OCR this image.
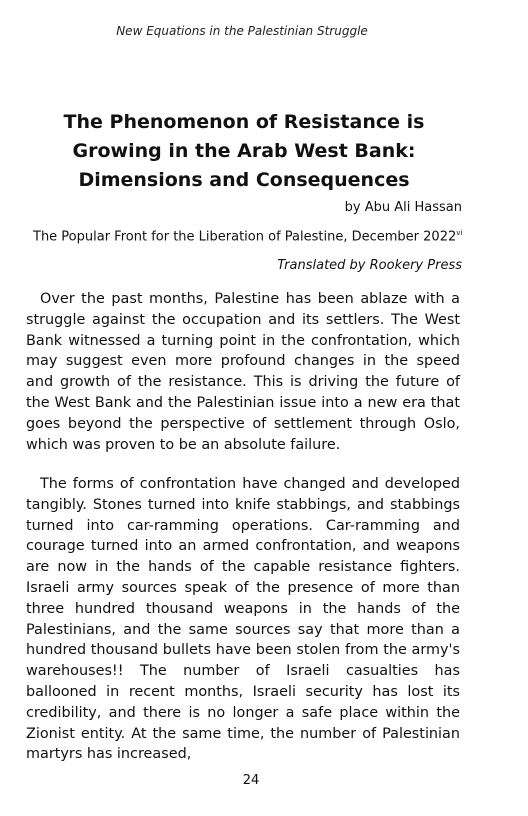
New Equations in the Palestinian Struggle
The Phenomenon of Resistance is Growing in the Arab West Bank: Dimensions and Consequences
by Abu Ali Hassan
The Popular Front for the Liberation of Palestine, December 2022$^{vi}$
Translated by Rookery Press

Over the past months, Palestine has been ablaze with a struggle against the occupation and its settlers. The West Bank witnessed a turning point in the confrontation, which may suggest even more profound changes in the speed and growth of the resistance. This is driving the future of the West Bank and the Palestinian issue into a new era that goes beyond the perspective of settlement through Oslo, which was proven to be an absolute failure.

The forms of confrontation have changed and developed tangibly. Stones turned into knife stabbings, and stabbings turned into car-ramming operations. Car-ramming and courage turned into an armed confrontation, and weapons are now in the hands of the capable resistance fighters. Israeli army sources speak of the presence of more than three hundred thousand weapons in the hands of the Palestinians, and the same sources say that more than a hundred thousand bullets have been stolen from the army's warehouses!! The number of Israeli casualties has ballooned in recent months, Israeli security has lost its credibility, and there is no longer a safe place within the Zionist entity. At the same time, the number of Palestinian martyrs has increased,

24
